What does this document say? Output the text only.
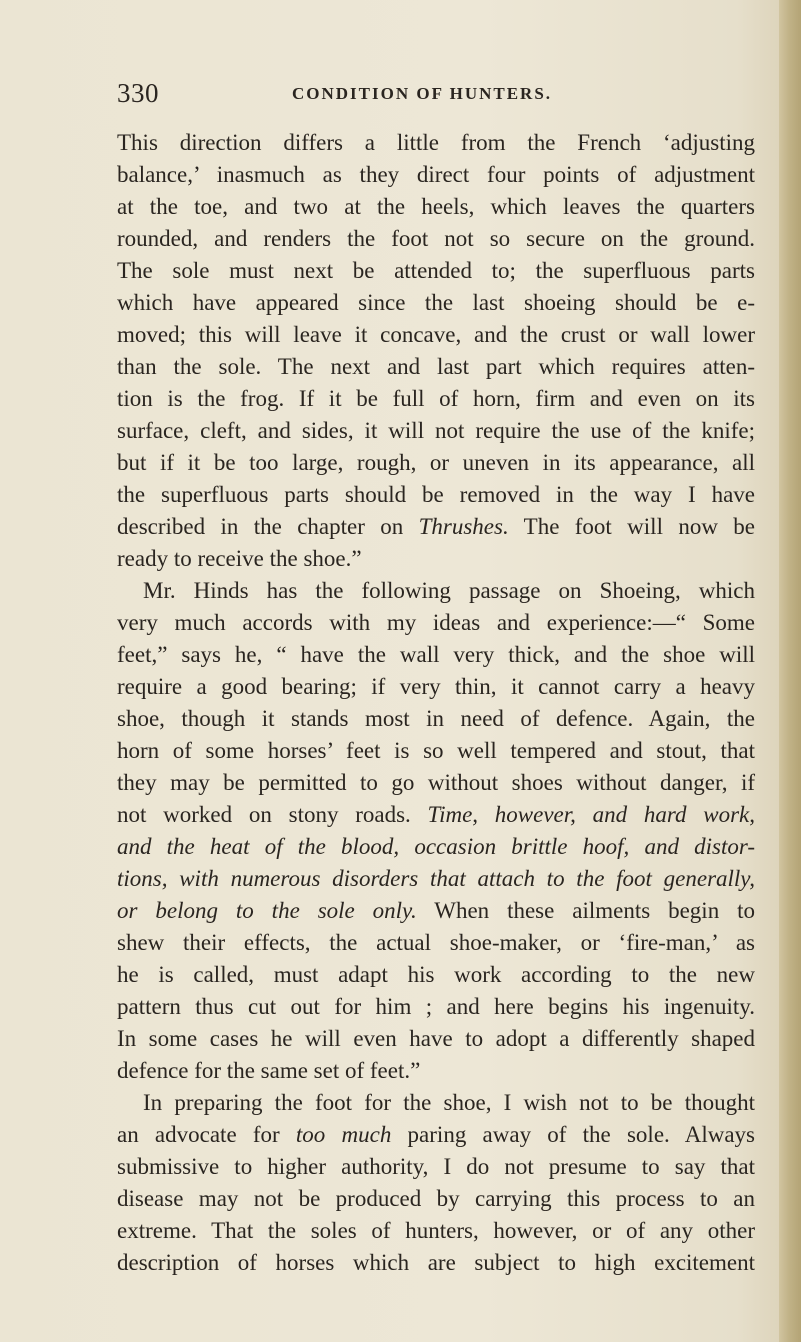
330	CONDITION OF HUNTERS.
This direction differs a little from the French ‘adjusting
balance,’ inasmuch as they direct four points of adjustment
at the toe, and two at the heels, which leaves the quarters
rounded, and renders the foot not so secure on the ground.
The sole must next be attended to; the superfluous parts
which have appeared since the last shoeing should be e-
moved; this will leave it concave, and the crust or wall lower
than the sole. The next and last part which requires atten-
tion is the frog. If it be full of horn, firm and even on its
surface, cleft, and sides, it will not require the use of the knife;
but if it be too large, rough, or uneven in its appearance, all
the superfluous parts should be removed in the way I have
described in the chapter on Thrushes. The foot will now be
ready to receive the shoe.”
Mr. Hinds has the following passage on Shoeing, which
very much accords with my ideas and experience:—“ Some
feet,” says he, “ have the wall very thick, and the shoe will
require a good bearing; if very thin, it cannot carry a heavy
shoe, though it stands most in need of defence. Again, the
horn of some horses’ feet is so well tempered and stout, that
they may be permitted to go without shoes without danger, if
not worked on stony roads. Time, however, and hard work,
and the heat of the blood, occasion brittle hoof, and distor-
tions, with numerous disorders that attach to the foot generally,
or belong to the sole only. When these ailments begin to
shew their effects, the actual shoe-maker, or ‘fire-man,’ as
he is called, must adapt his work according to the new
pattern thus cut out for him ; and here begins his ingenuity.
In some cases he will even have to adopt a differently shaped
defence for the same set of feet.”
In preparing the foot for the shoe, I wish not to be thought
an advocate for too much paring away of the sole. Always
submissive to higher authority, I do not presume to say that
disease may not be produced by carrying this process to an
extreme. That the soles of hunters, however, or of any other
description of horses which are subject to high excitement
